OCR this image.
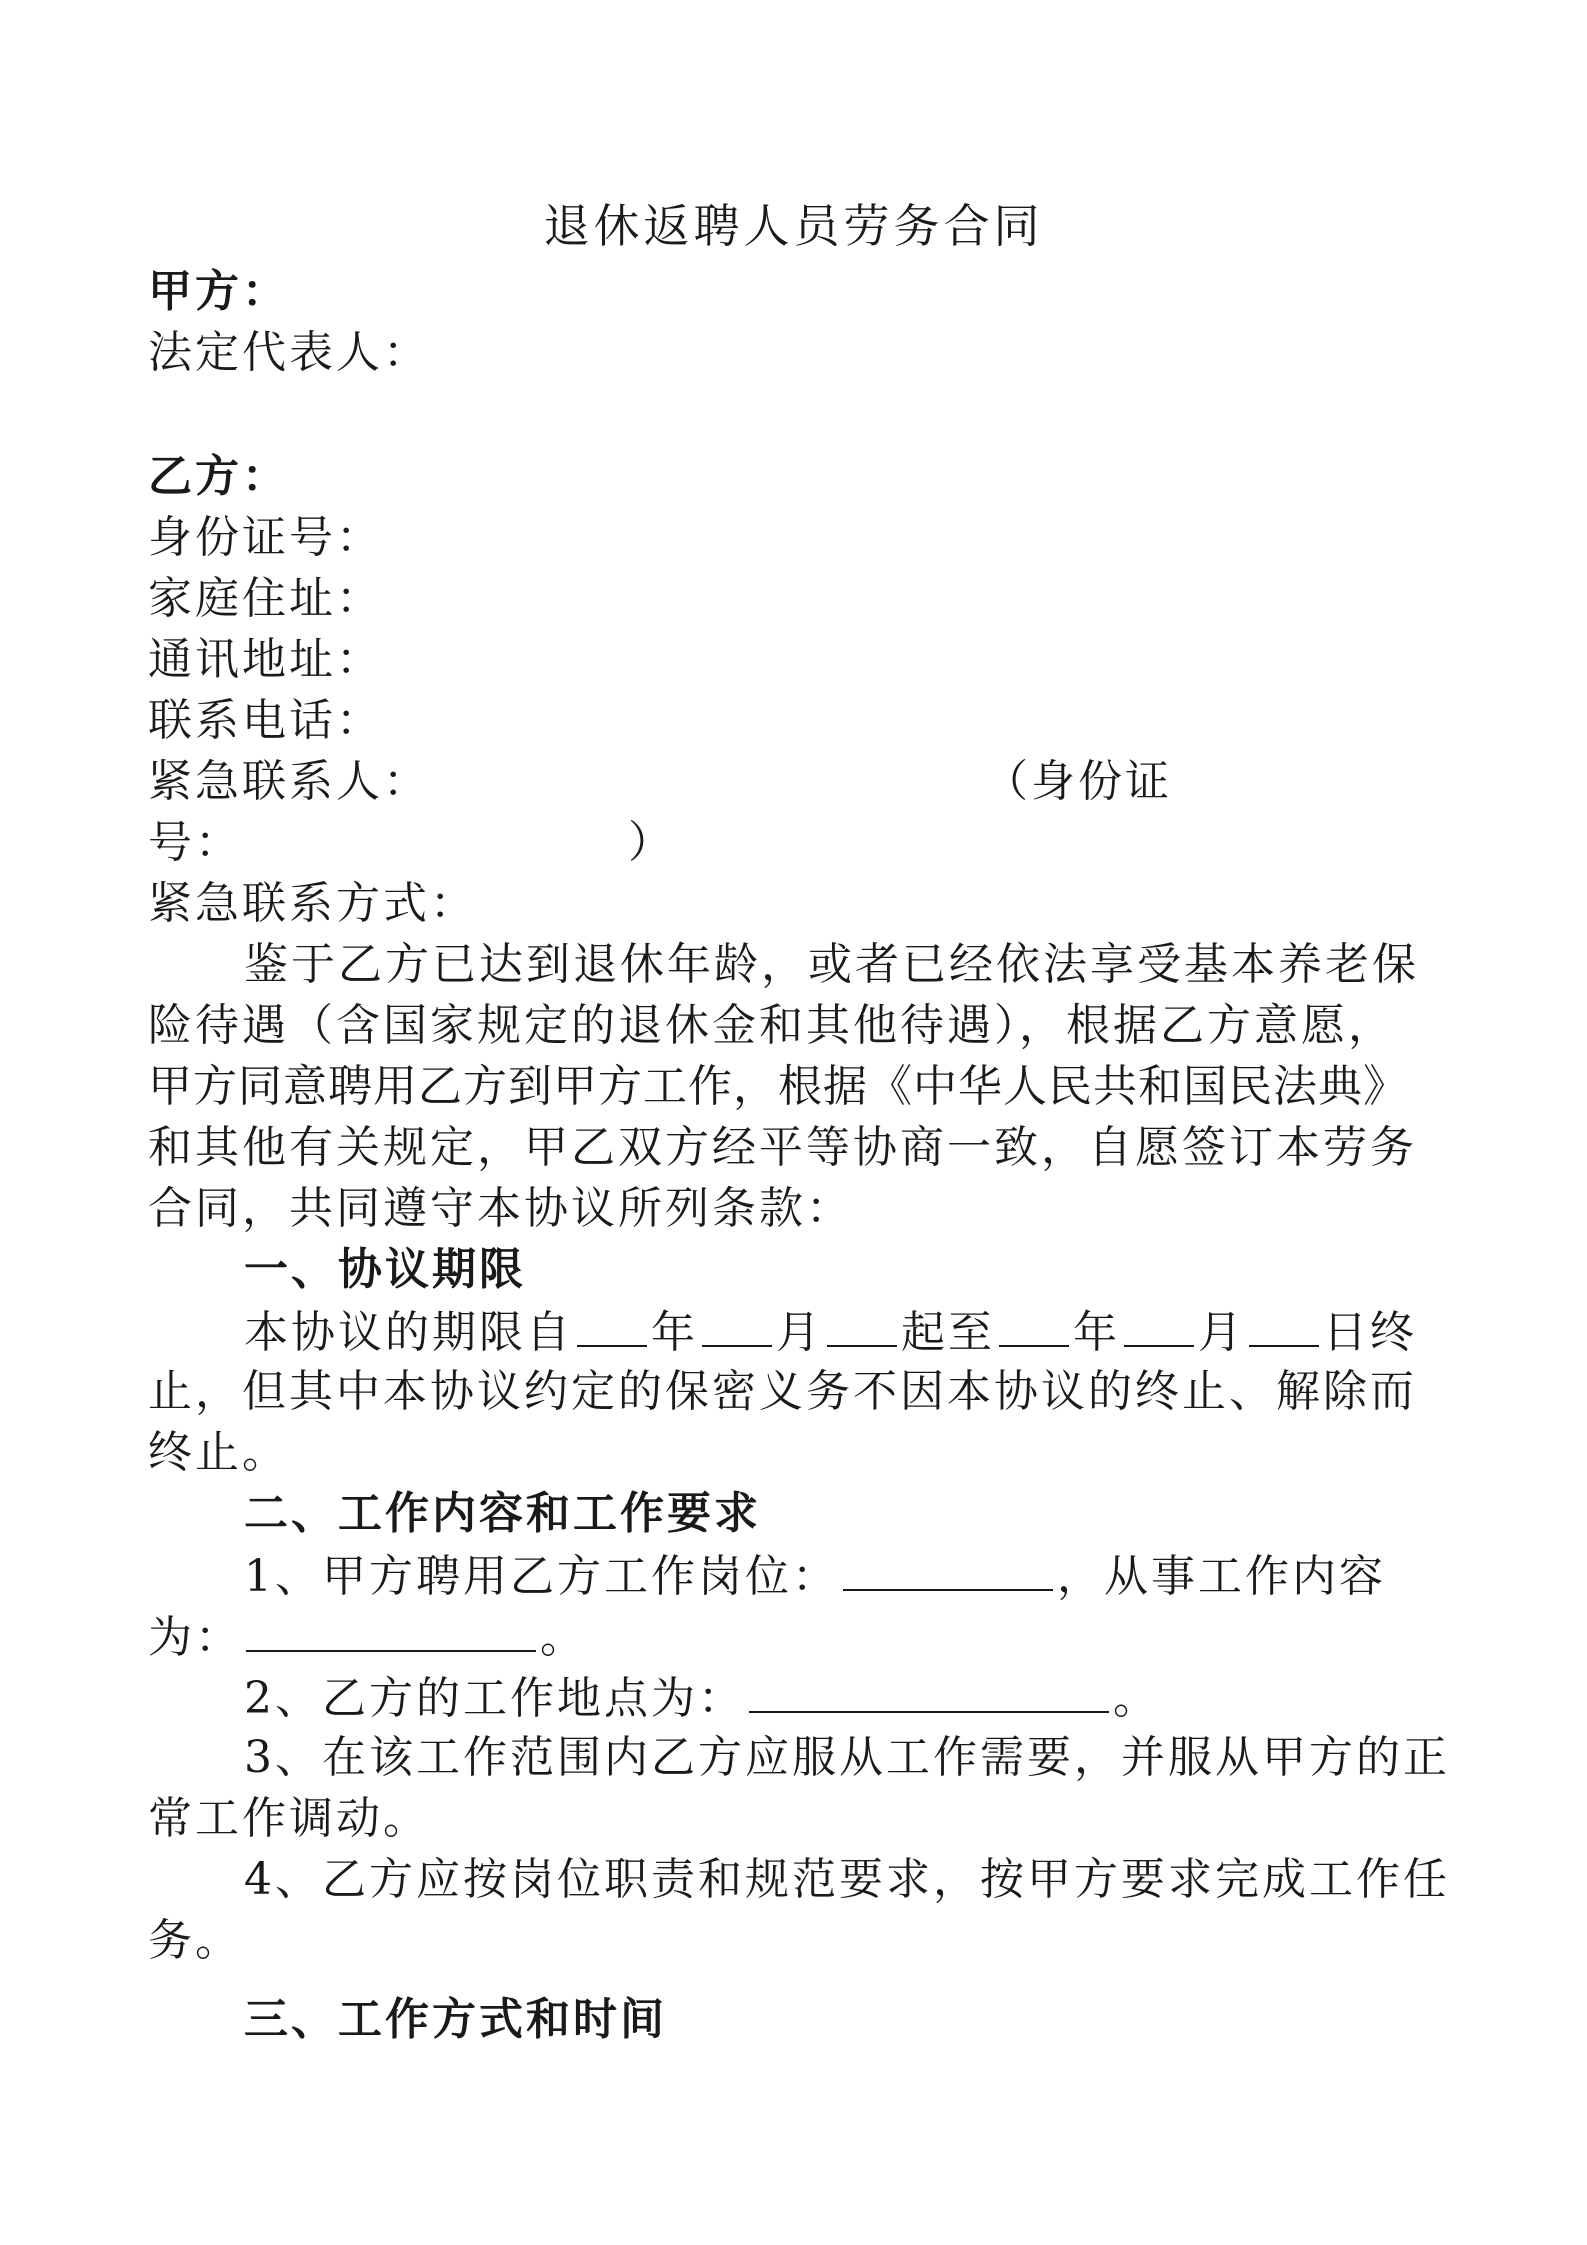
退休返聘人员劳务合同
甲方：
法定代表人：
乙方：
身份证号：
家庭住址：
通讯地址：
联系电话：
紧急联系人：	（身份证
号：	）
紧急联系方式：
鉴于乙方已达到退休年龄，或者已经依法享受基本养老保
险待遇（含国家规定的退休金和其他待遇），根据乙方意愿，
甲方同意聘用乙方到甲方工作，根据《中华人民共和国民法典》
和其他有关规定，甲乙双方经平等协商一致，自愿签订本劳务
合同，共同遵守本协议所列条款：
一、协议期限
本协议的期限自 年 月 起至 年 月 日终
止，但其中本协议约定的保密义务不因本协议的终止、解除而
终止。
二、工作内容和工作要求
1、甲方聘用乙方工作岗位：	，从事工作内容
为：	。
2、乙方的工作地点为：	。
3、在该工作范围内乙方应服从工作需要，并服从甲方的正
常工作调动。
4、乙方应按岗位职责和规范要求，按甲方要求完成工作任
务。
三、工作方式和时间
